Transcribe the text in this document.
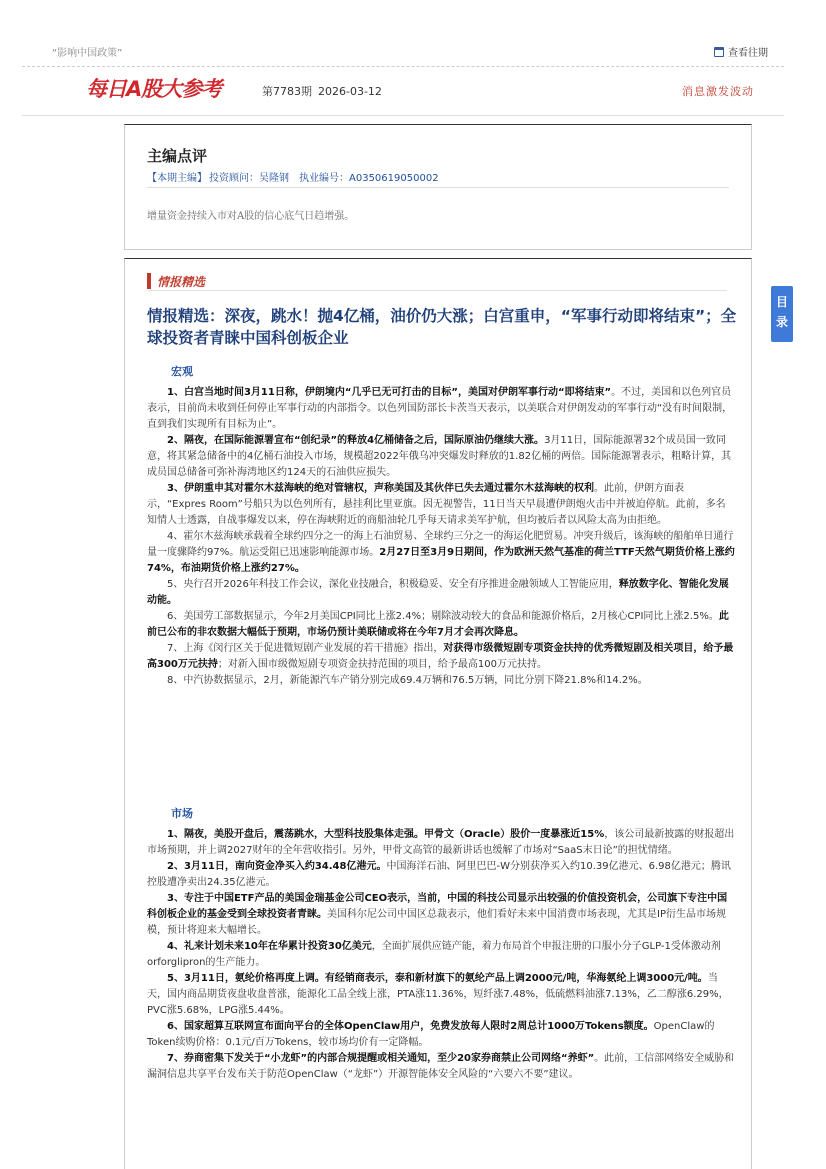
“影响中国政策”	查看往期
每日A股大参考	第7783期 2026-03-12	消息激发波动
主编点评
【本期主编】 投资顾问：吴隆钢 执业编号：A0350619050002
增量资金持续入市对A股的信心底气日趋增强。
目
录
情报精选
情报精选：深夜，跳水！抛4亿桶，油价仍大涨；白宫重申，“军事行动即将结束”；全球投资者青睐中国科创板企业
宏观

1、白宫当地时间3月11日称，伊朗境内“几乎已无可打击的目标”，美国对伊朗军事行动“即将结束”。不过，美国和以色列官员表示，目前尚未收到任何停止军事行动的内部指令。以色列国防部长卡茨当天表示，以美联合对伊朗发动的军事行动“没有时间限制，直到我们实现所有目标为止”。

2、隔夜，在国际能源署宣布“创纪录”的释放4亿桶储备之后，国际原油仍继续大涨。3月11日，国际能源署32个成员国一致同意，将其紧急储备中的4亿桶石油投入市场，规模超2022年俄乌冲突爆发时释放的1.82亿桶的两倍。国际能源署表示，粗略计算，其成员国总储备可弥补海湾地区约124天的石油供应损失。

3、伊朗重申其对霍尔木兹海峡的绝对管辖权，声称美国及其伙伴已失去通过霍尔木兹海峡的权利。此前，伊朗方面表示，“Expres Room”号船只为以色列所有，悬挂利比里亚旗。因无视警告，11日当天早晨遭伊朗炮火击中并被迫停航。此前，多名知情人士透露，自战事爆发以来，停在海峡附近的商船油轮几乎每天请求美军护航，但均被后者以风险太高为由拒绝。

4、霍尔木兹海峡承载着全球约四分之一的海上石油贸易、全球约三分之一的海运化肥贸易。冲突升级后，该海峡的船舶单日通行量一度骤降约97%。航运受阻已迅速影响能源市场。2月27日至3月9日期间，作为欧洲天然气基准的荷兰TTF天然气期货价格上涨约74%，布油期货价格上涨约27%。

5、央行召开2026年科技工作会议，深化业技融合，积极稳妥、安全有序推进金融领域人工智能应用，释放数字化、智能化发展动能。

6、美国劳工部数据显示，今年2月美国CPI同比上涨2.4%；剔除波动较大的食品和能源价格后，2月核心CPI同比上涨2.5%。此前已公布的非农数据大幅低于预期，市场仍预计美联储或将在今年7月才会再次降息。

7、上海《闵行区关于促进微短剧产业发展的若干措施》指出，对获得市级微短剧专项资金扶持的优秀微短剧及相关项目，给予最高300万元扶持；对新入围市级微短剧专项资金扶持范围的项目，给予最高100万元扶持。

8、中汽协数据显示，2月，新能源汽车产销分别完成69.4万辆和76.5万辆，同比分别下降21.8%和14.2%。

市场

1、隔夜，美股开盘后，震荡跳水，大型科技股集体走强。甲骨文（Oracle）股价一度暴涨近15%，该公司最新披露的财报超出市场预期，并上调2027财年的全年营收指引。另外，甲骨文高管的最新讲话也缓解了市场对“SaaS末日论”的担忧情绪。

2、3月11日，南向资金净买入约34.48亿港元。中国海洋石油、阿里巴巴-W分别获净买入约10.39亿港元、6.98亿港元；腾讯控股遭净卖出24.35亿港元。

3、专注于中国ETF产品的美国金瑞基金公司CEO表示，当前，中国的科技公司显示出较强的价值投资机会，公司旗下专注中国科创板企业的基金受到全球投资者青睐。美国科尔尼公司中国区总裁表示，他们看好未来中国消费市场表现，尤其是IP衍生品市场规模，预计将迎来大幅增长。

4、礼来计划未来10年在华累计投资30亿美元，全面扩展供应链产能，着力布局首个申报注册的口服小分子GLP-1受体激动剂orforglipron的生产能力。

5、3月11日，氨纶价格再度上调。有经销商表示，泰和新材旗下的氨纶产品上调2000元/吨，华海氨纶上调3000元/吨。当天，国内商品期货夜盘收盘普涨，能源化工品全线上涨，PTA涨11.36%，短纤涨7.48%，低硫燃料油涨7.13%，乙二醇涨6.29%，PVC涨5.68%，LPG涨5.44%。

6、国家超算互联网宣布面向平台的全体OpenClaw用户，免费发放每人限时2周总计1000万Tokens额度。OpenClaw的Token续购价格：0.1元/百万Tokens，较市场均价有一定降幅。

7、券商密集下发关于“小龙虾”的内部合规提醒或相关通知，至少20家券商禁止公司网络“养虾”。此前，工信部网络安全威胁和漏洞信息共享平台发布关于防范OpenClaw（“龙虾”）开源智能体安全风险的“六要六不要”建议。
